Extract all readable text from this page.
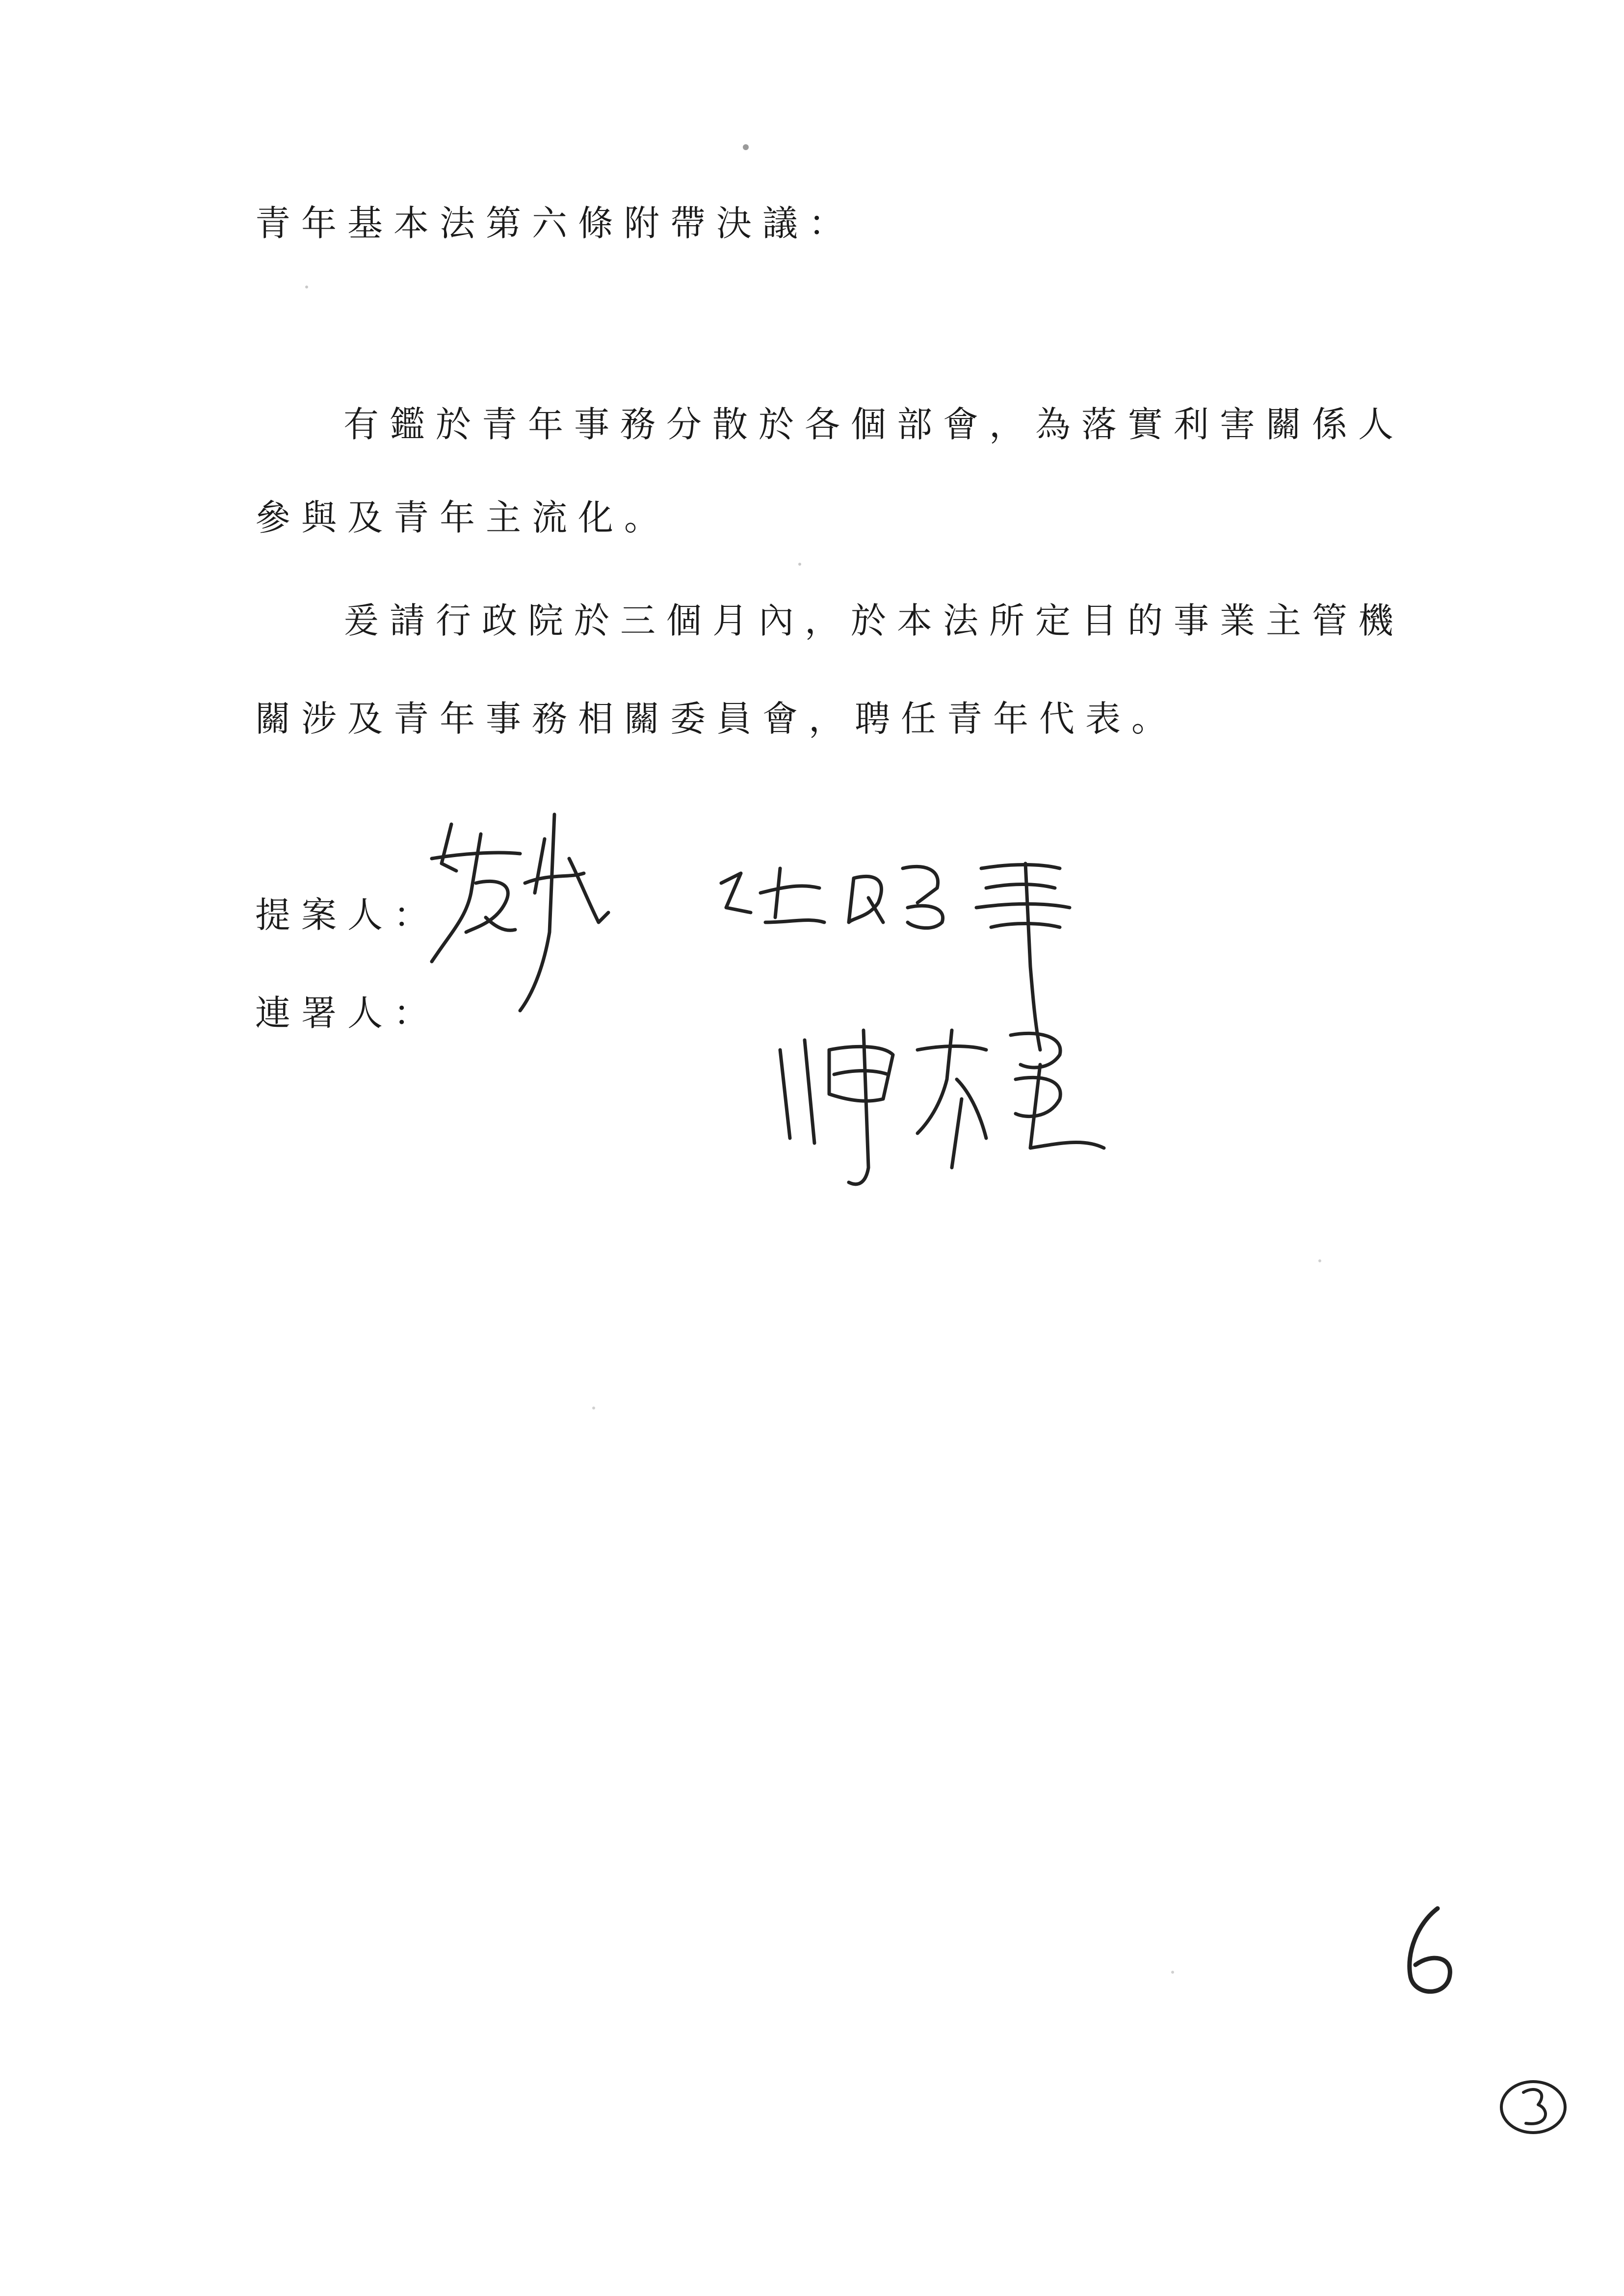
青年基本法第六條附帶決議：
有鑑於青年事務分散於各個部會，為落實利害關係人
參與及青年主流化。
爰請行政院於三個月內，於本法所定目的事業主管機
關涉及青年事務相關委員會，聘任青年代表。
提案人：
連署人：
